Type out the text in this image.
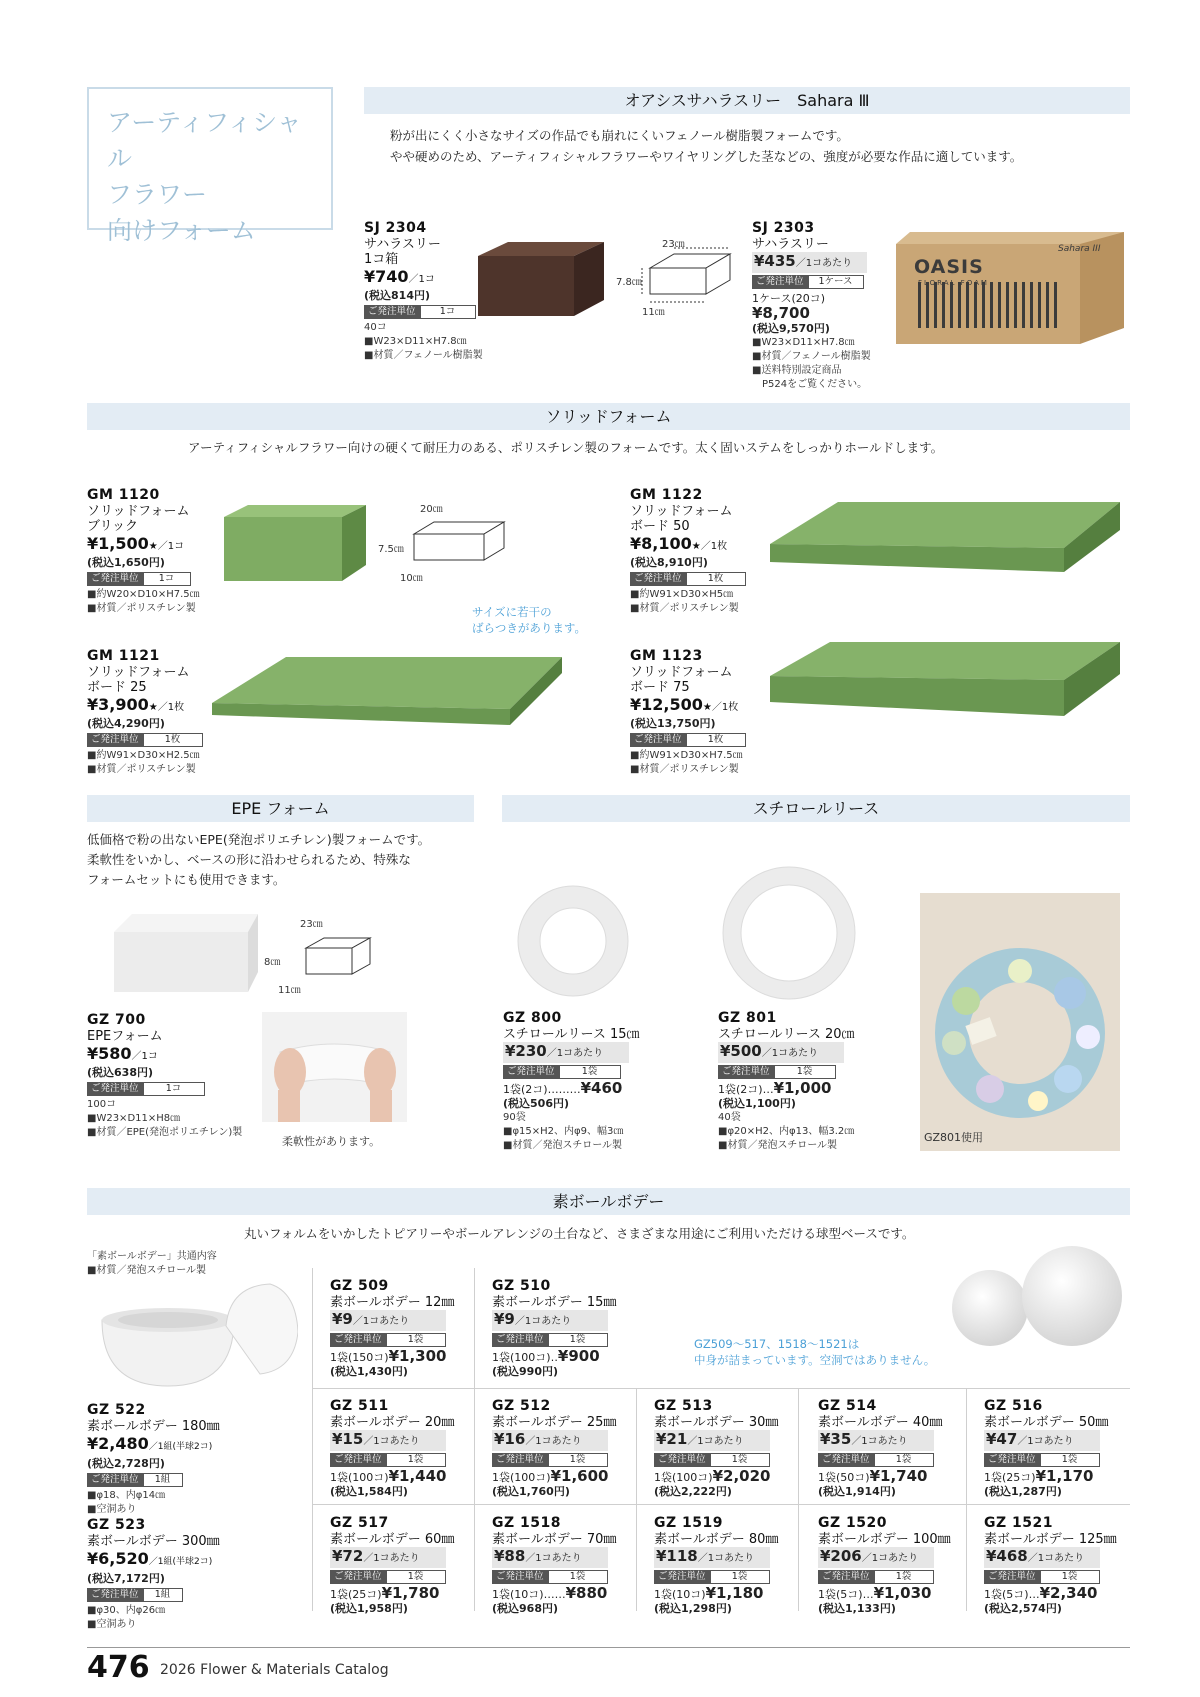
アーティフィシャル
フラワー
向けフォーム
オアシスサハラスリー　Sahara Ⅲ
粉が出にくく小さなサイズの作品でも崩れにくいフェノール樹脂製フォームです。
やや硬めのため、アーティフィシャルフラワーやワイヤリングした茎などの、強度が必要な作品に適しています。
SJ 2304
サハラスリー
1コ箱
¥740／1コ
(税込814円)
ご発注単位	1コ
40コ
■W23×D11×H7.8㎝
■材質／フェノール樹脂製
23㎝
7.8㎝
11㎝
SJ 2303
サハラスリー
¥435／1コあたり
ご発注単位	1ケース
1ケース(20コ)¥8,700
(税込9,570円)
■W23×D11×H7.8㎝
■材質／フェノール樹脂製
■送料特別設定商品
　P524をご覧ください。
OASIS
FLORAL FOAM
Sahara III
ソリッドフォーム
アーティフィシャルフラワー向けの硬くて耐圧力のある、ポリスチレン製のフォームです。太く固いステムをしっかりホールドします。
GM 1120
ソリッドフォーム
ブリック
¥1,500★／1コ
(税込1,650円)
ご発注単位	1コ
■約W20×D10×H7.5㎝
■材質／ポリスチレン製
20㎝
7.5㎝
10㎝
GM 1122
ソリッドフォーム
ボード 50
¥8,100★／1枚
(税込8,910円)
ご発注単位	1枚
■約W91×D30×H5㎝
■材質／ポリスチレン製
サイズに若干の
ばらつきがあります。
GM 1121
ソリッドフォーム
ボード 25
¥3,900★／1枚
(税込4,290円)
ご発注単位	1枚
■約W91×D30×H2.5㎝
■材質／ポリスチレン製
GM 1123
ソリッドフォーム
ボード 75
¥12,500★／1枚
(税込13,750円)
ご発注単位	1枚
■約W91×D30×H7.5㎝
■材質／ポリスチレン製
EPE フォーム
低価格で粉の出ないEPE(発泡ポリエチレン)製フォームです。
柔軟性をいかし、ベースの形に沿わせられるため、特殊な
フォームセットにも使用できます。
23㎝
8㎝
11㎝
GZ 700
EPEフォーム
¥580／1コ
(税込638円)
ご発注単位	1コ
100コ
■W23×D11×H8㎝
■材質／EPE(発泡ポリエチレン)製
柔軟性があります。
スチロールリース
GZ 800
スチロールリース 15㎝
¥230／1コあたり
ご発注単位	1袋
1袋(2コ)………¥460
(税込506円)
90袋
■φ15×H2、内φ9、幅3㎝
■材質／発泡スチロール製
GZ 801
スチロールリース 20㎝
¥500／1コあたり
ご発注単位	1袋
1袋(2コ)…¥1,000
(税込1,100円)
40袋
■φ20×H2、内φ13、幅3.2㎝
■材質／発泡スチロール製
GZ801使用
素ボールボデー
丸いフォルムをいかしたトピアリーやボールアレンジの土台など、さまざまな用途にご利用いただける球型ベースです。
「素ボールボデー」共通内容
■材質／発泡スチロール製
GZ509～517、1518～1521は
中身が詰まっています。空洞ではありません。
GZ 522
素ボールボデー 180㎜
¥2,480／1組(半球2コ)
(税込2,728円)
ご発注単位	1組
■φ18、内φ14㎝
■空洞あり
GZ 523
素ボールボデー 300㎜
¥6,520／1組(半球2コ)
(税込7,172円)
ご発注単位	1組
■φ30、内φ26㎝
■空洞あり
GZ 509
素ボールボデー 12㎜
¥9／1コあたり
ご発注単位	1袋
1袋(150コ)¥1,300
(税込1,430円)
GZ 510
素ボールボデー 15㎜
¥9／1コあたり
ご発注単位	1袋
1袋(100コ)‥¥900
(税込990円)
GZ 511
素ボールボデー 20㎜
¥15／1コあたり
ご発注単位	1袋
1袋(100コ)¥1,440
(税込1,584円)
GZ 512
素ボールボデー 25㎜
¥16／1コあたり
ご発注単位	1袋
1袋(100コ)¥1,600
(税込1,760円)
GZ 513
素ボールボデー 30㎜
¥21／1コあたり
ご発注単位	1袋
1袋(100コ)¥2,020
(税込2,222円)
GZ 514
素ボールボデー 40㎜
¥35／1コあたり
ご発注単位	1袋
1袋(50コ)¥1,740
(税込1,914円)
GZ 516
素ボールボデー 50㎜
¥47／1コあたり
ご発注単位	1袋
1袋(25コ)¥1,170
(税込1,287円)
GZ 517
素ボールボデー 60㎜
¥72／1コあたり
ご発注単位	1袋
1袋(25コ)¥1,780
(税込1,958円)
GZ 1518
素ボールボデー 70㎜
¥88／1コあたり
ご発注単位	1袋
1袋(10コ)……¥880
(税込968円)
GZ 1519
素ボールボデー 80㎜
¥118／1コあたり
ご発注単位	1袋
1袋(10コ)¥1,180
(税込1,298円)
GZ 1520
素ボールボデー 100㎜
¥206／1コあたり
ご発注単位	1袋
1袋(5コ)…¥1,030
(税込1,133円)
GZ 1521
素ボールボデー 125㎜
¥468／1コあたり
ご発注単位	1袋
1袋(5コ)…¥2,340
(税込2,574円)
476 2026 Flower & Materials Catalog
